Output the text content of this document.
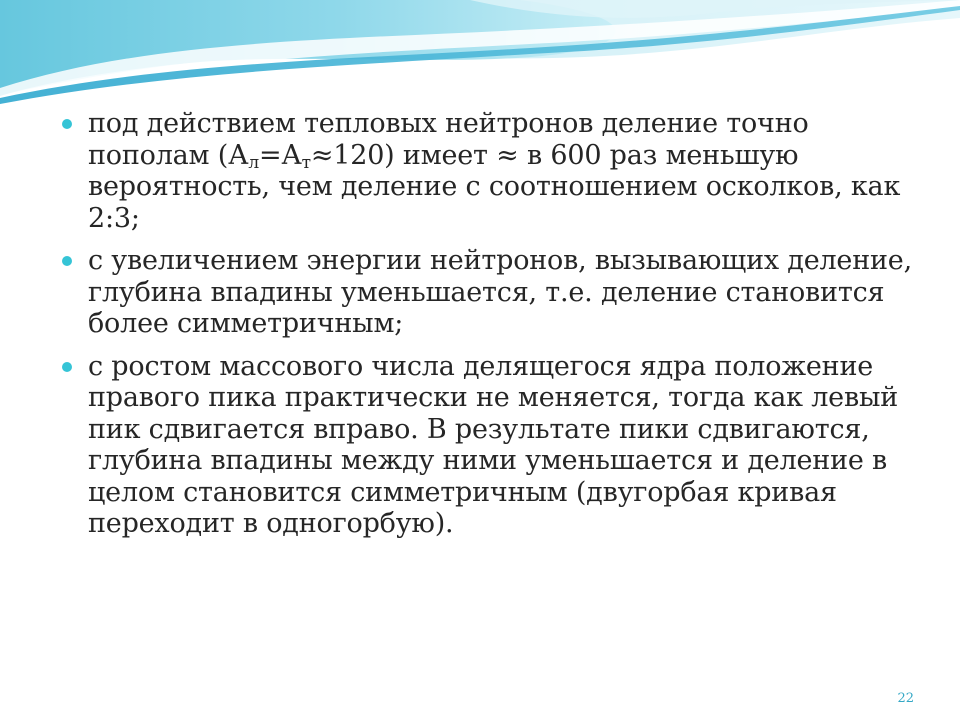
под действием тепловых нейтронов деление точно пополам $(А_л=А_т\approx 120)$ имеет ≈ в 600 раз меньшую вероятность, чем деление с соотношением осколков, как 2:3;
с увеличением энергии нейтронов, вызывающих деление, глубина впадины уменьшается, т.е. деление становится более симметричным;
с ростом массового числа делящегося ядра положение правого пика практически не меняется, тогда как левый пик сдвигается вправо. В результате пики сдвигаются, глубина впадины между ними уменьшается и деление в целом становится симметричным (двугорбая кривая переходит в одногорбую).
22
